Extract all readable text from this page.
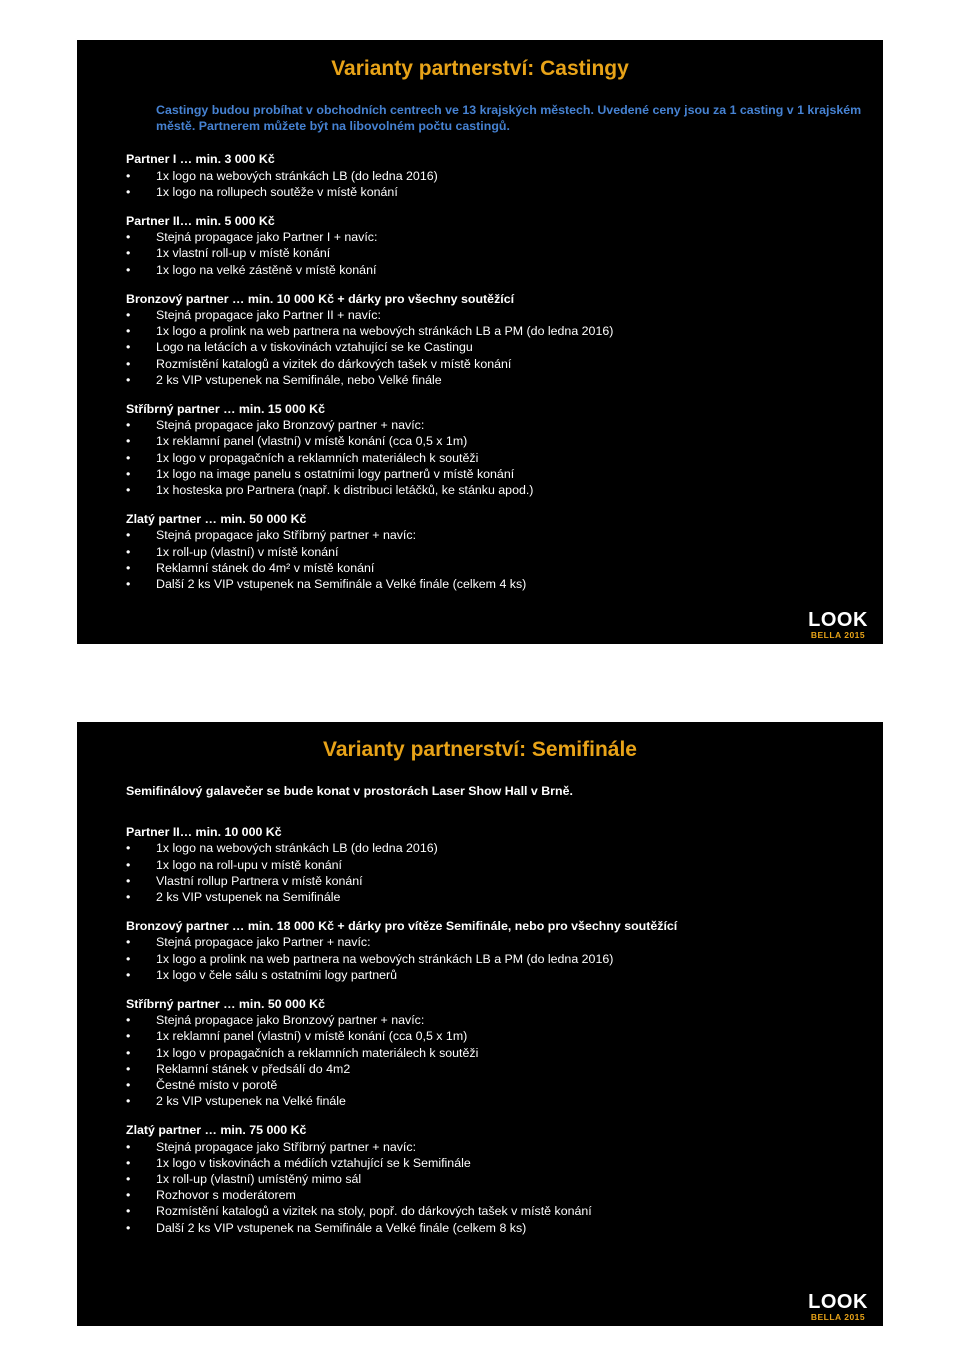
Varianty partnerství: Castingy
Castingy budou probíhat v obchodních centrech ve 13 krajských městech. Uvedené ceny jsou za 1 casting v 1 krajském městě. Partnerem můžete být na libovolném počtu castingů.
Partner I … min. 3 000 Kč
• 1x logo na webových stránkách LB (do ledna 2016)
• 1x logo na rollupech soutěže v místě konání
Partner II… min. 5 000 Kč
• Stejná propagace jako Partner I + navíc:
• 1x vlastní roll-up v místě konání
• 1x logo na velké zástěně v místě konání
Bronzový partner … min. 10 000 Kč + dárky pro všechny soutěžící
• Stejná propagace jako Partner II + navíc:
• 1x logo a prolink na web partnera na webových stránkách LB a PM (do ledna 2016)
• Logo na letácích a v tiskovinách vztahující se ke Castingu
• Rozmístění katalogů a vizitek do dárkových tašek v místě konání
• 2 ks VIP vstupenek na Semifinále, nebo Velké finále
Stříbrný partner … min. 15 000 Kč
• Stejná propagace jako Bronzový partner + navíc:
• 1x reklamní panel (vlastní) v místě konání (cca 0,5 x 1m)
• 1x logo v propagačních a reklamních materiálech k soutěži
• 1x logo na image panelu s ostatními logy partnerů v místě konání
• 1x hosteska pro Partnera (např. k distribuci letáčků, ke stánku apod.)
Zlatý partner … min. 50 000 Kč
• Stejná propagace jako Stříbrný partner + navíc:
• 1x roll-up (vlastní) v místě konání
• Reklamní stánek do 4m² v místě konání
• Další 2 ks VIP vstupenek na Semifinále a Velké finále (celkem 4 ks)
LOOK
BELLA 2015
Varianty partnerství: Semifinále
Semifinálový galavečer se bude konat v prostorách Laser Show Hall v Brně.
Partner II… min. 10 000 Kč
• 1x logo na webových stránkách LB (do ledna 2016)
• 1x logo na roll-upu v místě konání
• Vlastní rollup Partnera v místě konání
• 2 ks VIP vstupenek na Semifinále
Bronzový partner … min. 18 000 Kč + dárky pro vítěze Semifinále, nebo pro všechny soutěžící
• Stejná propagace jako Partner + navíc:
• 1x logo a prolink na web partnera na webových stránkách LB a PM (do ledna 2016)
• 1x logo v čele sálu s ostatními logy partnerů
Stříbrný partner … min. 50 000 Kč
• Stejná propagace jako Bronzový partner + navíc:
• 1x reklamní panel (vlastní) v místě konání (cca 0,5 x 1m)
• 1x logo v propagačních a reklamních materiálech k soutěži
• Reklamní stánek v předsálí do 4m2
• Čestné místo v porotě
• 2 ks VIP vstupenek na Velké finále
Zlatý partner … min. 75 000 Kč
• Stejná propagace jako Stříbrný partner + navíc:
• 1x logo v tiskovinách a médiích vztahující se k Semifinále
• 1x roll-up (vlastní) umístěný mimo sál
• Rozhovor s moderátorem
• Rozmístění katalogů a vizitek na stoly, popř. do dárkových tašek v místě konání
• Další 2 ks VIP vstupenek na Semifinále a Velké finále (celkem 8 ks)
LOOK
BELLA 2015
